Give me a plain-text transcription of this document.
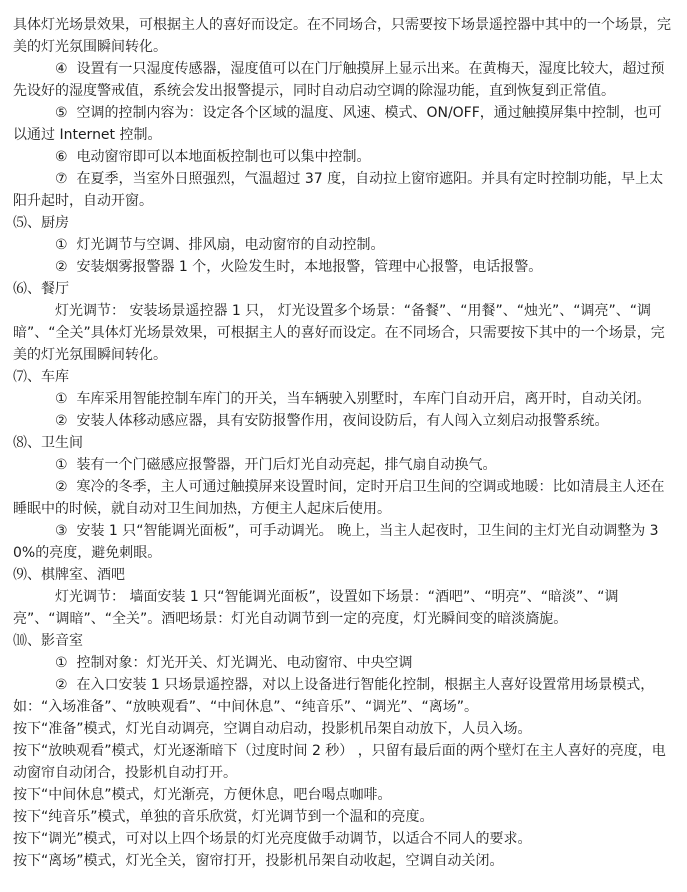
具体灯光场景效果，可根据主人的喜好而设定。在不同场合，只需要按下场景遥控器中其中的一个场景，完美的灯光氛围瞬间转化。

④  设置有一只湿度传感器，湿度值可以在门厅触摸屏上显示出来。在黄梅天，湿度比较大，超过预先设好的湿度警戒值，系统会发出报警提示，同时自动启动空调的除湿功能，直到恢复到正常值。

⑤  空调的控制内容为：设定各个区域的温度、风速、模式、ON/OFF，通过触摸屏集中控制，也可以通过 Internet 控制。

⑥  电动窗帘即可以本地面板控制也可以集中控制。

⑦  在夏季，当室外日照强烈，气温超过 37 度，自动拉上窗帘遮阳。并具有定时控制功能，早上太阳升起时，自动开窗。

⑸、厨房

①  灯光调节与空调、排风扇，电动窗帘的自动控制。

②  安装烟雾报警器 1 个，火险发生时，本地报警，管理中心报警，电话报警。

⑹、餐厅

灯光调节： 安装场景遥控器 1 只， 灯光设置多个场景：“备餐”、“用餐”、“烛光”、“调亮”、“调暗”、“全关”具体灯光场景效果，可根据主人的喜好而设定。在不同场合，只需要按下其中的一个场景，完美的灯光氛围瞬间转化。

⑺、车库

①  车库采用智能控制车库门的开关，当车辆驶入别墅时，车库门自动开启，离开时，自动关闭。

②  安装人体移动感应器，具有安防报警作用，夜间设防后，有人闯入立刻启动报警系统。

⑻、卫生间

①  装有一个门磁感应报警器，开门后灯光自动亮起，排气扇自动换气。

②  寒冷的冬季，主人可通过触摸屏来设置时间，定时开启卫生间的空调或地暖：比如清晨主人还在睡眠中的时候，就自动对卫生间加热，方便主人起床后使用。

③  安装 1 只“智能调光面板”，可手动调光。 晚上，当主人起夜时，卫生间的主灯光自动调整为 30%的亮度，避免刺眼。

⑼、棋牌室、酒吧

灯光调节： 墙面安装 1 只“智能调光面板”，设置如下场景：“酒吧”、“明亮”、“暗淡”、“调亮”、“调暗”、“全关”。酒吧场景：灯光自动调节到一定的亮度，灯光瞬间变的暗淡旖旎。

⑽、影音室

①  控制对象：灯光开关、灯光调光、电动窗帘、中央空调

②  在入口安装 1 只场景遥控器，对以上设备进行智能化控制，根据主人喜好设置常用场景模式，如：“入场准备”、“放映观看”、“中间休息”、“纯音乐”、“调光”、“离场”。

按下“准备”模式，灯光自动调亮，空调自动启动，投影机吊架自动放下，人员入场。

按下“放映观看”模式，灯光逐渐暗下（过度时间 2 秒） ，只留有最后面的两个壁灯在主人喜好的亮度，电动窗帘自动闭合，投影机自动打开。

按下“中间休息”模式，灯光渐亮，方便休息，吧台喝点咖啡。

按下“纯音乐”模式，单独的音乐欣赏，灯光调节到一个温和的亮度。

按下“调光”模式，可对以上四个场景的灯光亮度做手动调节，以适合不同人的要求。

按下“离场”模式，灯光全关，窗帘打开，投影机吊架自动收起，空调自动关闭。
